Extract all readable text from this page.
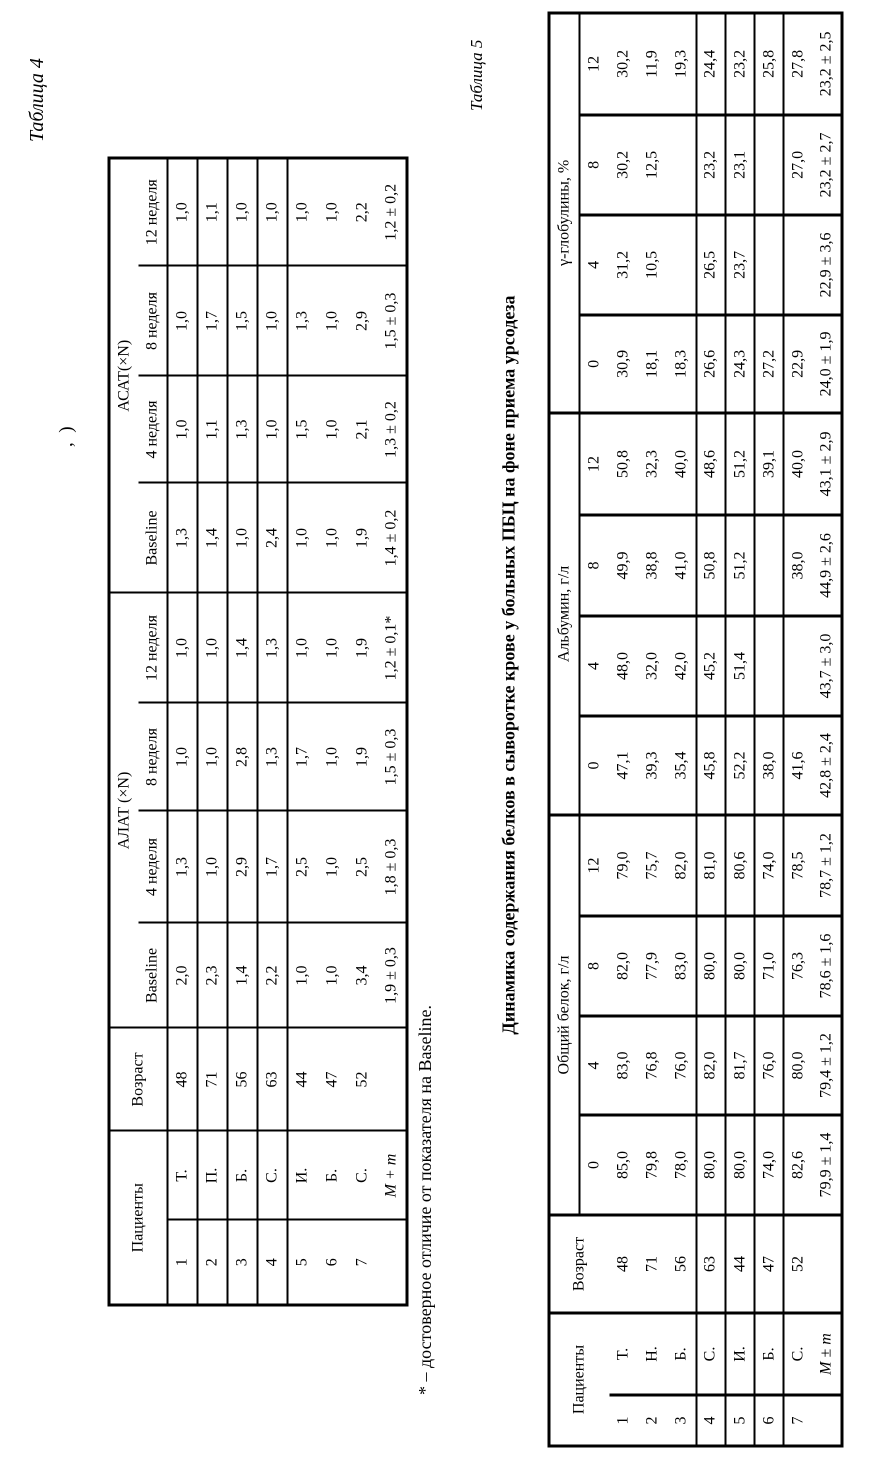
Таблица 4
,  )
Пациенты		Возраст	АЛАТ (×N)				АСАТ(×N)			
			Baseline	4 неделя	8 неделя	12 неделя	Baseline	4 неделя	8 неделя	12 неделя
1	Т.	48	2,0	1,3	1,0	1,0	1,3	1,0	1,0	1,0
2	П.	71	2,3	1,0	1,0	1,0	1,4	1,1	1,7	1,1
3	Б.	56	1,4	2,9	2,8	1,4	1,0	1,3	1,5	1,0
4	С.	63	2,2	1,7	1,3	1,3	2,4	1,0	1,0	1,0
5	И.	44	1,0	2,5	1,7	1,0	1,0	1,5	1,3	1,0
6	Б.	47	1,0	1,0	1,0	1,0	1,0	1,0	1,0	1,0
7	С.	52	3,4	2,5	1,9	1,9	1,9	2,1	2,9	2,2
	М + m		1,9 ± 0,3	1,8 ± 0,3	1,5 ± 0,3	1,2 ± 0,1*	1,4 ± 0,2	1,3 ± 0,2	1,5 ± 0,3	1,2 ± 0,2
* – достоверное отличие от показателя на Baseline.
Таблица 5
Динамика содержания белков в сыворотке крове у больных ПБЦ на фоне приема урсодеза
Пациенты		Возраст	Общий белок, г/л				Альбумин, г/л				γ-глобулины, %			
			0	4	8	12	0	4	8	12	0	4	8	12
1	Т.	48	85,0	83,0	82,0	79,0	47,1	48,0	49,9	50,8	30,9	31,2	30,2	30,2
2	Н.	71	79,8	76,8	77,9	75,7	39,3	32,0	38,8	32,3	18,1	10,5	12,5	11,9
3	Б.	56	78,0	76,0	83,0	82,0	35,4	42,0	41,0	40,0	18,3			19,3
4	С.	63	80,0	82,0	80,0	81,0	45,8	45,2	50,8	48,6	26,6	26,5	23,2	24,4
5	И.	44	80,0	81,7	80,0	80,6	52,2	51,4	51,2	51,2	24,3	23,7	23,1	23,2
6	Б.	47	74,0	76,0	71,0	74,0	38,0			39,1	27,2			25,8
7	С.	52	82,6	80,0	76,3	78,5	41,6		38,0	40,0	22,9		27,0	27,8
	М ± m		79,9 ± 1,4	79,4 ± 1,2	78,6 ± 1,6	78,7 ± 1,2	42,8 ± 2,4	43,7 ± 3,0	44,9 ± 2,6	43,1 ± 2,9	24,0 ± 1,9	22,9 ± 3,6	23,2 ± 2,7	23,2 ± 2,5
